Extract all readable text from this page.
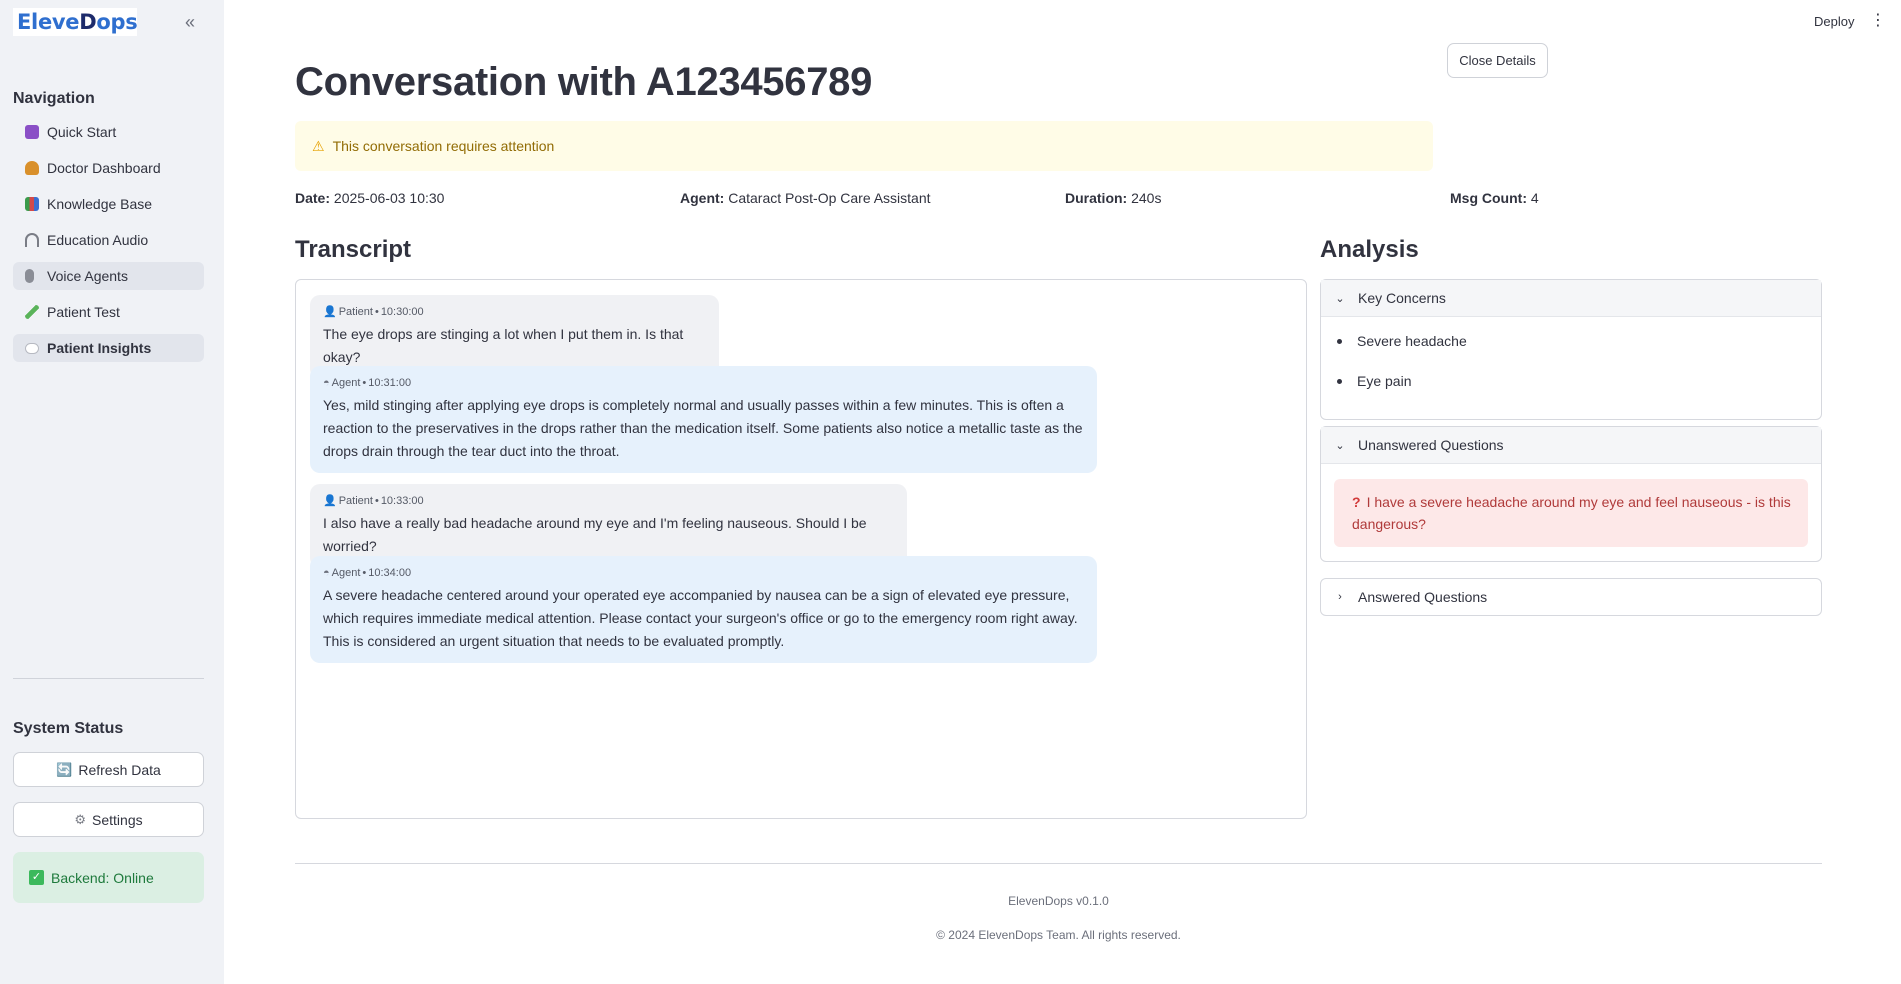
Eleve D ops	«
Navigation
Quick Start
Doctor Dashboard
Knowledge Base
Education Audio
Voice Agents
Patient Test
Patient Insights
System Status
🔄 Refresh Data
⚙ Settings
✓ Backend: Online
Deploy ⋮
Conversation with A123456789	Close Details
⚠ This conversation requires attention
Date: 2025-06-03 10:30	Agent: Cataract Post-Op Care Assistant	Duration: 240s	Msg Count: 4
Transcript	Analysis
👤 Patient • 10:30:00
The eye drops are stinging a lot when I put them in. Is that okay?
◓ Agent • 10:31:00
Yes, mild stinging after applying eye drops is completely normal and usually passes within a few minutes. This is often a reaction to the preservatives in the drops rather than the medication itself. Some patients also notice a metallic taste as the drops drain through the tear duct into the throat.
👤 Patient • 10:33:00
I also have a really bad headache around my eye and I'm feeling nauseous. Should I be worried?
◓ Agent • 10:34:00
A severe headache centered around your operated eye accompanied by nausea can be a sign of elevated eye pressure, which requires immediate medical attention. Please contact your surgeon's office or go to the emergency room right away. This is considered an urgent situation that needs to be evaluated promptly.
⌄ Key Concerns
Severe headache
Eye pain
⌄ Unanswered Questions
? I have a severe headache around my eye and feel nauseous - is this dangerous?
› Answered Questions
ElevenDops v0.1.0
© 2024 ElevenDops Team. All rights reserved.
